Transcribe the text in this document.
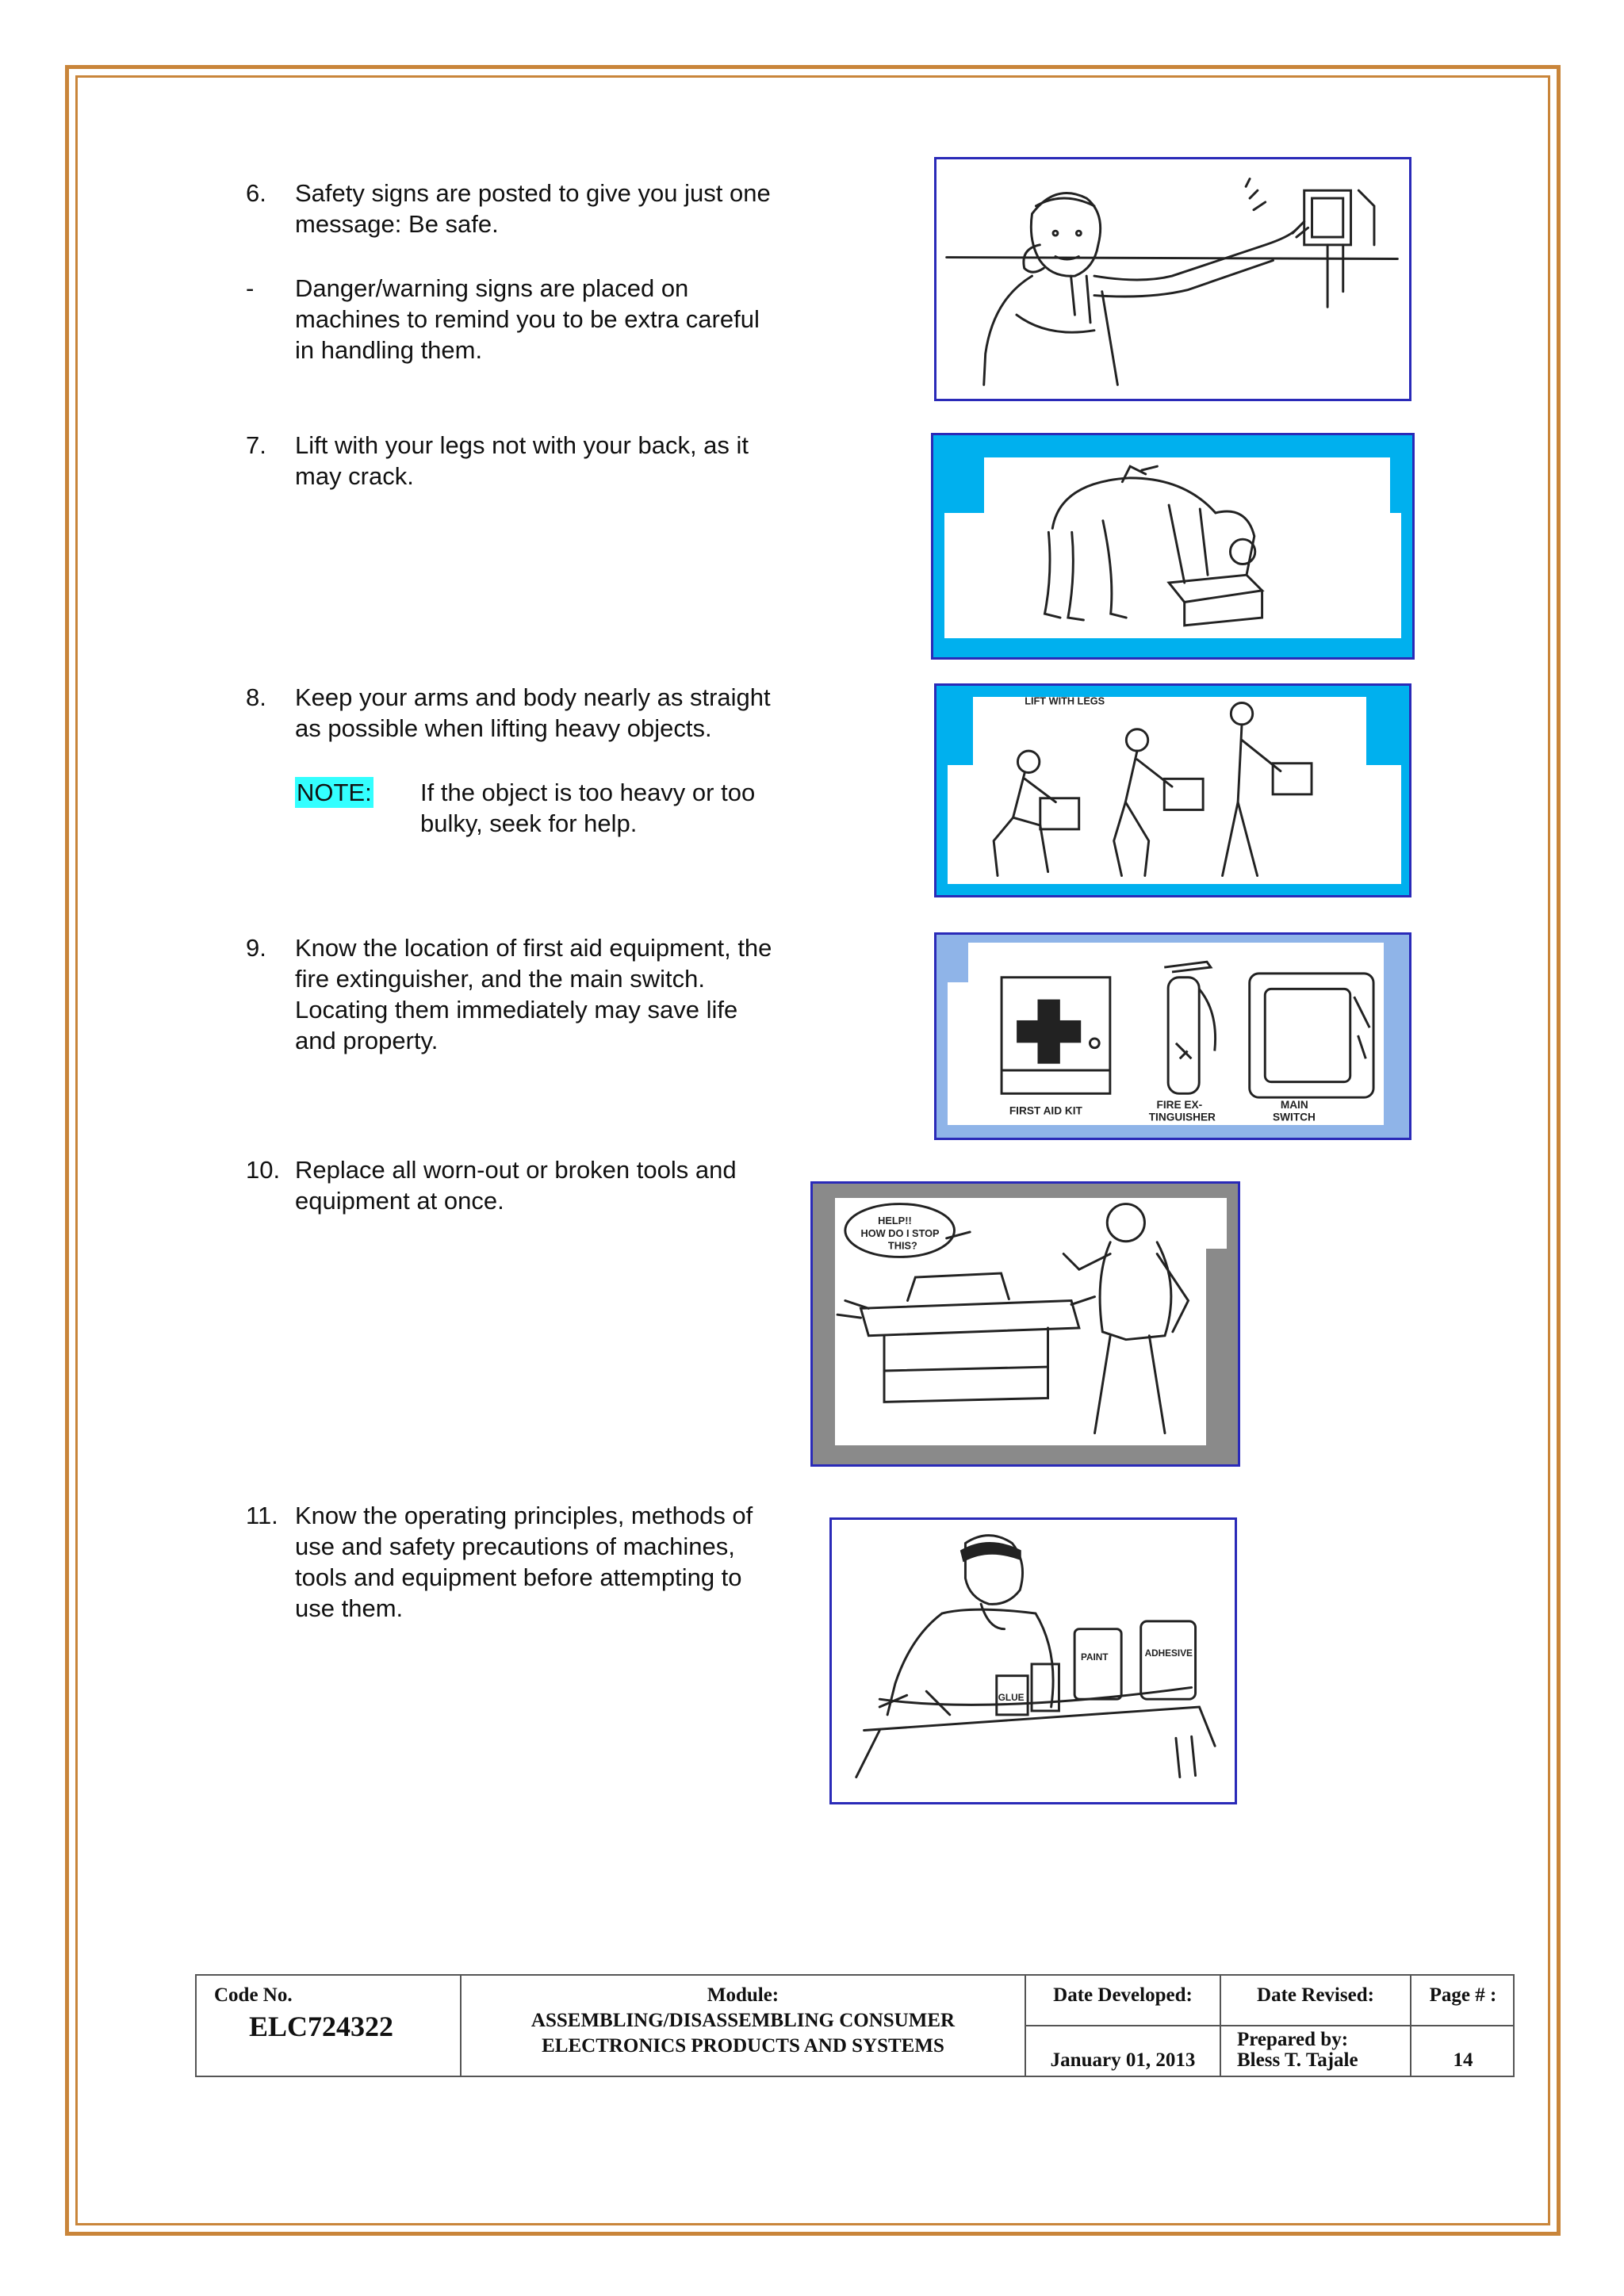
6. Safety signs are posted to give you just one
message: Be safe.
- Danger/warning signs are placed on
machines to remind you to be extra careful
in handling them.
7. Lift with your legs not with your back, as it
may crack.
8. Keep your arms and body nearly as straight
as possible when lifting heavy objects.
NOTE: If the object is too heavy or too
bulky, seek for help.
9. Know the location of first aid equipment, the
fire extinguisher, and the main switch.
Locating them immediately may save life
and property.
10. Replace all worn-out or broken tools and
equipment at once.
11. Know the operating principles, methods of
use and safety precautions of machines,
tools and equipment before attempting to
use them.
LIFT WITH LEGS
FIRST AID KIT
FIRE EX-
TINGUISHER
MAIN
SWITCH
HELP!!
HOW DO I STOP
THIS?
PAINT	ADHESIVE
GLUE
Code No.
ELC724322
Module:
ASSEMBLING/DISASSEMBLING CONSUMER
ELECTRONICS PRODUCTS AND SYSTEMS
Date Developed:
January 01, 2013
Date Revised:
Prepared by:
Bless T. Tajale
Page # :
14
